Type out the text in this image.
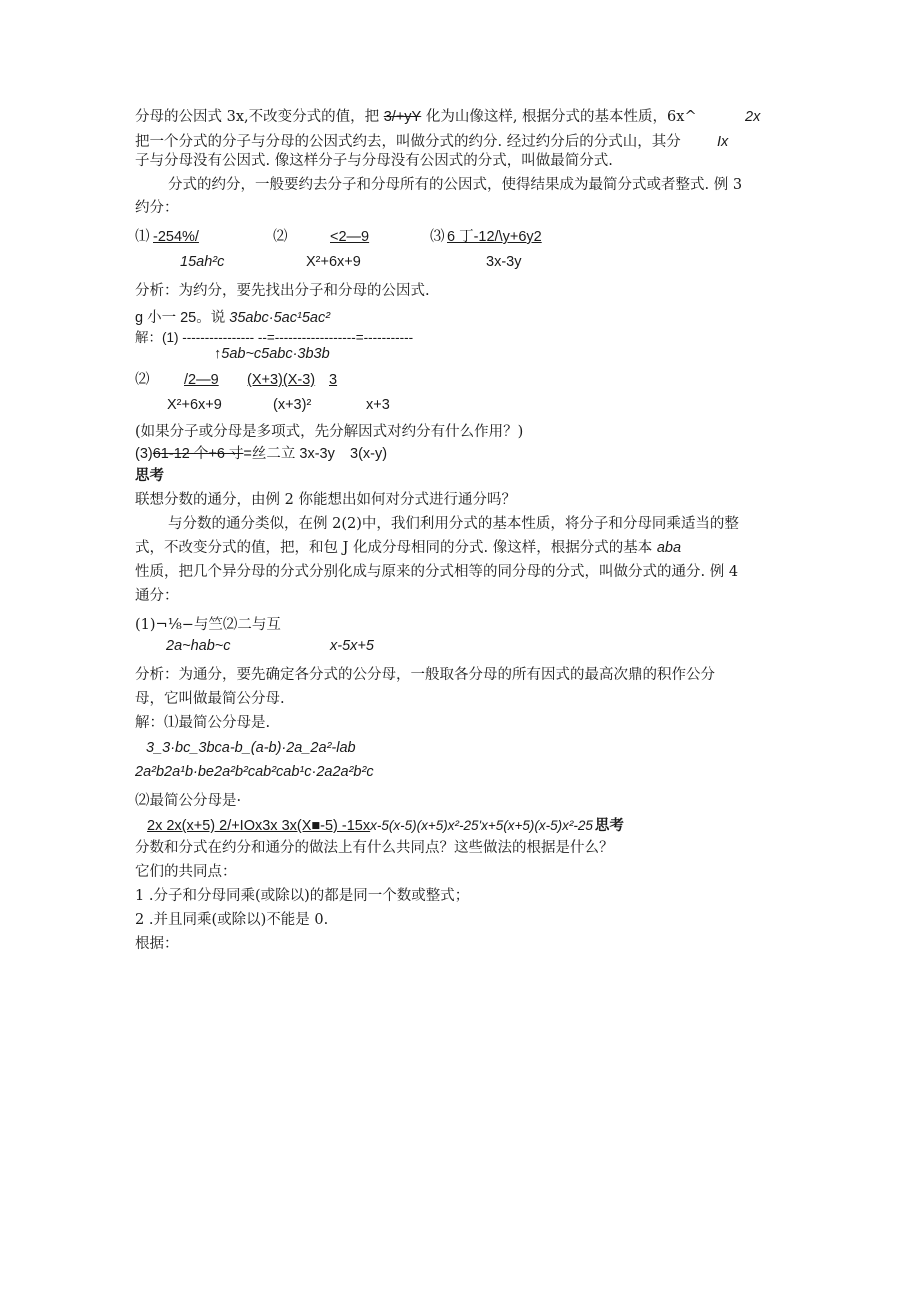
分母的公因式 3x,不改变分式的值，把 3/+yY 化为山像这样, 根据分式的基本性质，6x^	2x
把一个分式的分子与分母的公因式约去，叫做分式的约分. 经过约分后的分式山，其分	Ix
子与分母没有公因式. 像这样分子与分母没有公因式的分式，叫做最简分式.
分式的约分，一般要约去分子和分母所有的公因式，使得结果成为最简分式或者整式. 例 3
约分：
⑴ -254%/	⑵	<2—9	⑶ 6 丁-12/\y+6y2
15ah²c	X²+6x+9	3x-3y
分析：为约分，要先找出分子和分母的公因式.
g 小一 25。说 35abc·5ac¹5ac²
解：(1) ---------------- --=------------------=-----------
↑5ab~c5abc·3b3b
⑵ /2—9 (X+3)(X-3) 3
X²+6x+9	(x+3)²	x+3
(如果分子或分母是多项式，先分解因式对约分有什么作用？)
(3)61-12 个+6 寸=丝二立 3x-3y 3(x-y)
思考
联想分数的通分，由例 2 你能想出如何对分式进行通分吗？
与分数的通分类似，在例 2(2)中，我们利用分式的基本性质，将分子和分母同乘适当的整
式，不改变分式的值，把，和包 J 化成分母相同的分式. 像这样，根据分式的基本 aba
性质，把几个异分母的分式分别化成与原来的分式相等的同分母的分式，叫做分式的通分. 例 4
通分：
(1)¬⅛−与竺⑵二与互
2a~hab~c	x-5x+5
分析：为通分，要先确定各分式的公分母，一般取各分母的所有因式的最高次鼎的积作公分
母，它叫做最简公分母.
解：⑴最简公分母是.
3_3·bc_3bca-b_(a-b)·2a_2a²-lab
2a²b2a¹b·be2a²b²cab²cab¹c·2a2a²b²c
⑵最简公分母是·
2x 2x(x+5) 2/+IOx3x 3x(X■-5) -15xx-5(x-5)(x+5)x²-25'x+5(x+5)(x-5)x²-25 思考
分数和分式在约分和通分的做法上有什么共同点？这些做法的根据是什么？
它们的共同点：
1 .分子和分母同乘(或除以)的都是同一个数或整式；
2 .并且同乘(或除以)不能是 0.
根据：
